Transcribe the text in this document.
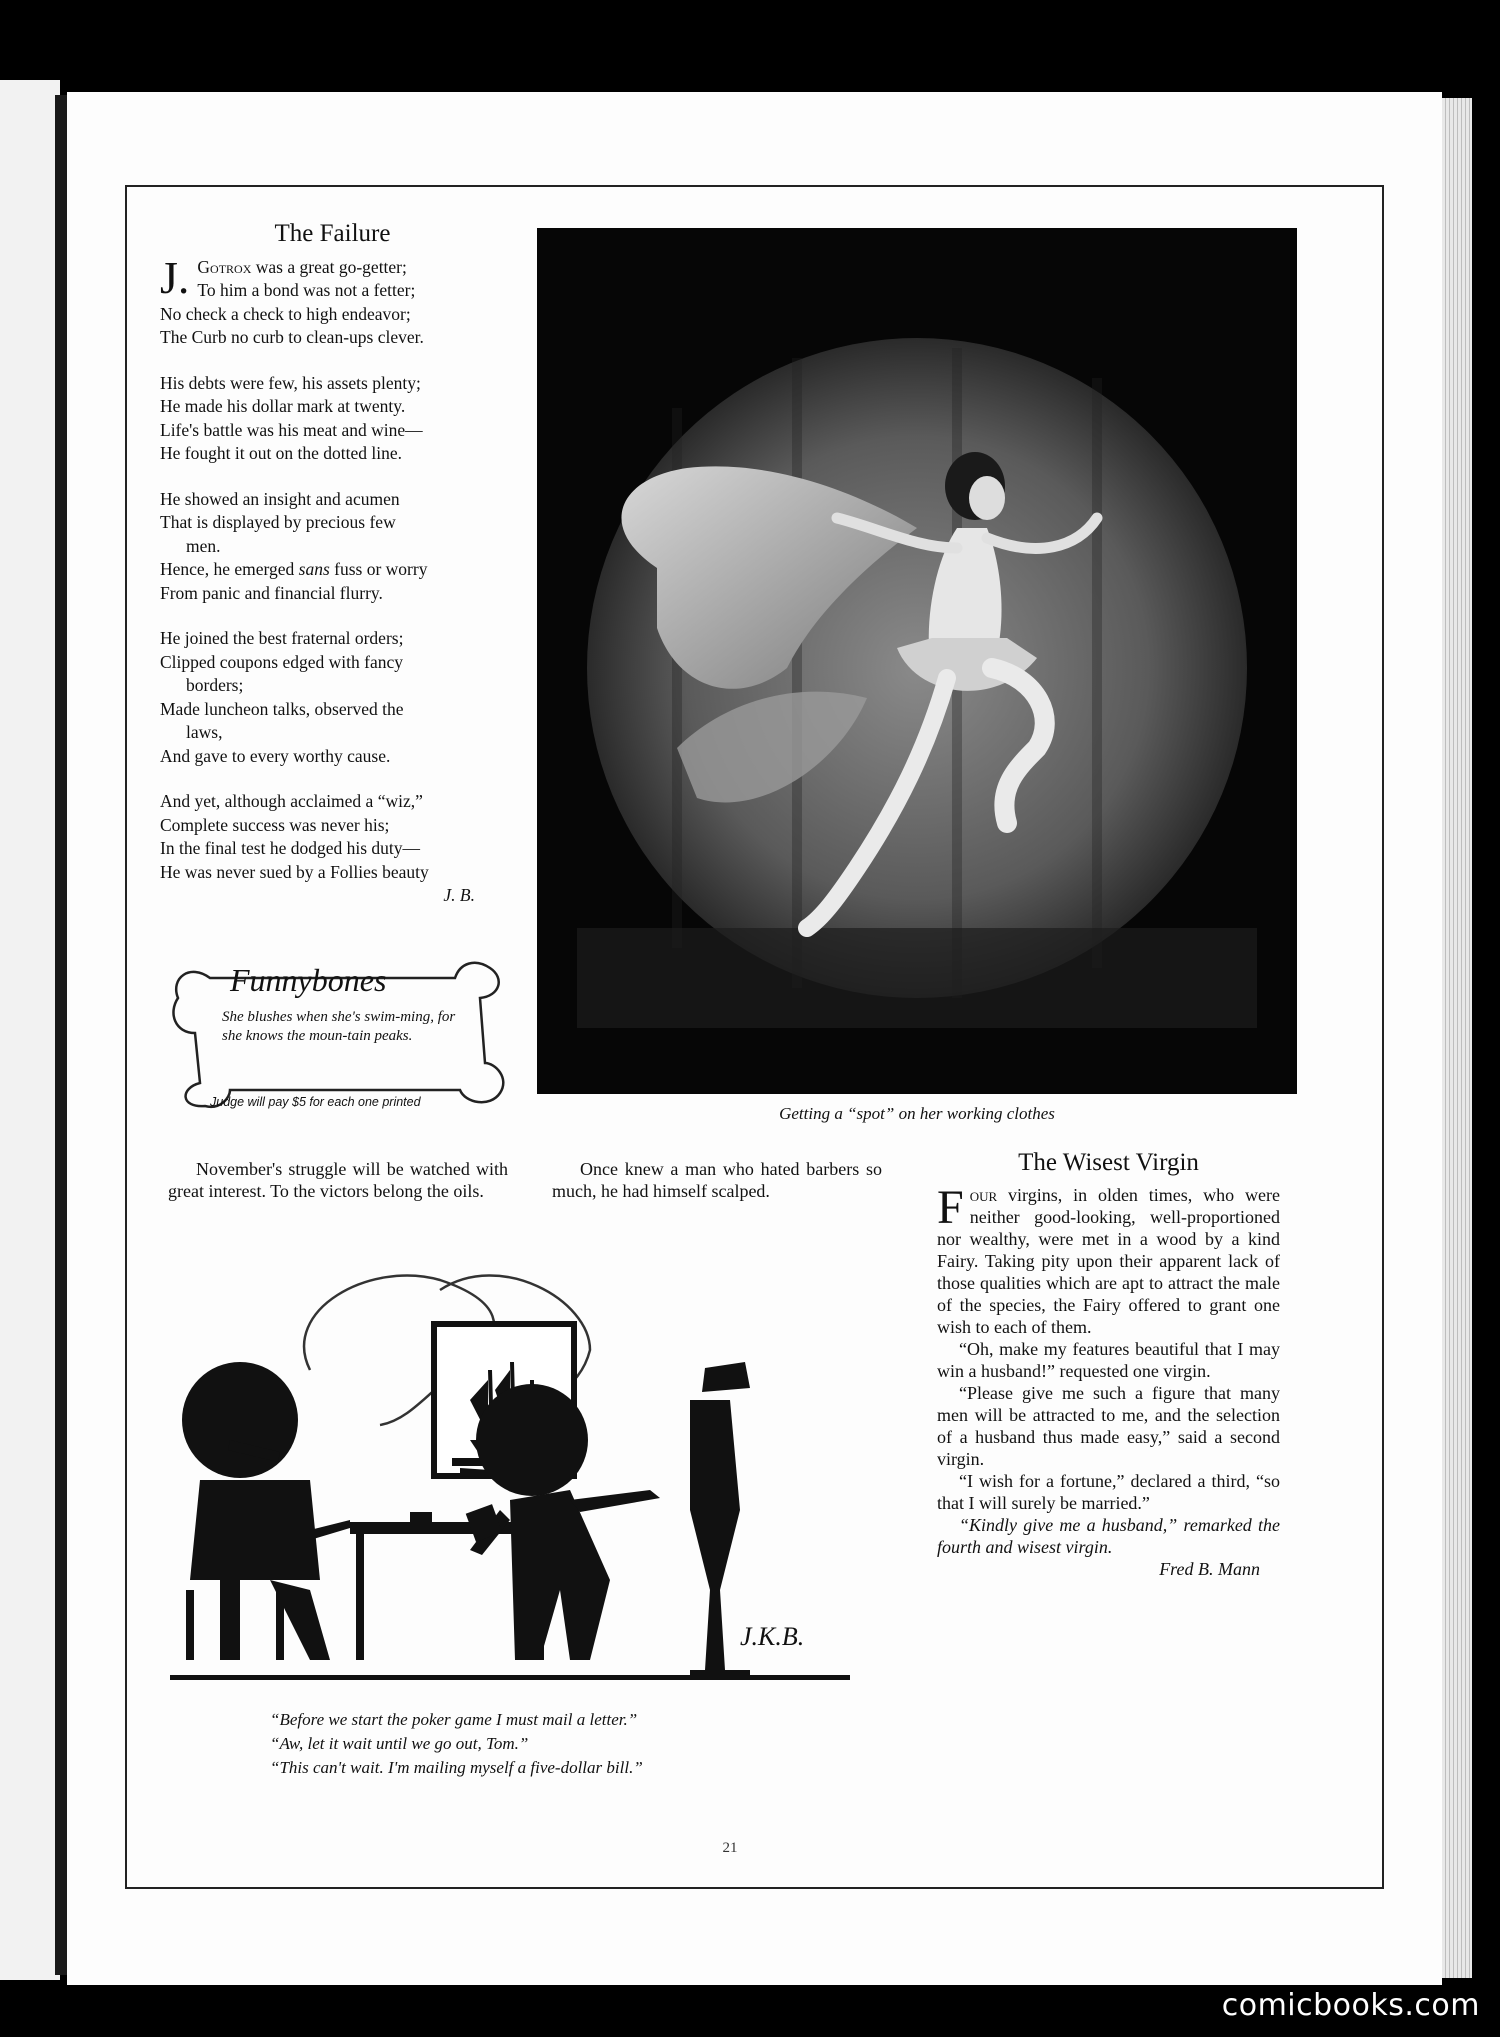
The Failure
J. Gotrox was a great go-getter;
To him a bond was not a fetter;
No check a check to high endeavor;
The Curb no curb to clean-ups clever.
His debts were few, his assets plenty;
He made his dollar mark at twenty.
Life's battle was his meat and wine—
He fought it out on the dotted line.
He showed an insight and acumen
That is displayed by precious few
men.
Hence, he emerged sans fuss or worry
From panic and financial flurry.
He joined the best fraternal orders;
Clipped coupons edged with fancy
borders;
Made luncheon talks, observed the
laws,
And gave to every worthy cause.
And yet, although acclaimed a “wiz,”
Complete success was never his;
In the final test he dodged his duty—
He was never sued by a Follies beauty
J. B.
Getting a “spot” on her working clothes
Funnybones
She blushes when she's swim-ming, for she knows the moun-tain peaks.
Judge will pay $5 for each one printed

November's struggle will be watched with great interest. To the victors belong the oils.

Once knew a man who hated barbers so much, he had himself scalped.

J.K.B.
“Before we start the poker game I must mail a letter.”
“Aw, let it wait until we go out, Tom.”
“This can't wait. I'm mailing myself a five-dollar bill.”
The Wisest Virgin

Four virgins, in olden times, who were neither good-looking, well-proportioned nor wealthy, were met in a wood by a kind Fairy. Taking pity upon their apparent lack of those qualities which are apt to attract the male of the species, the Fairy offered to grant one wish to each of them.

“Oh, make my features beautiful that I may win a husband!” requested one virgin.

“Please give me such a figure that many men will be attracted to me, and the selection of a husband thus made easy,” said a second virgin.

“I wish for a fortune,” declared a third, “so that I will surely be married.”

“Kindly give me a husband,” remarked the fourth and wisest virgin.

Fred B. Mann
21
comicbooks.com
